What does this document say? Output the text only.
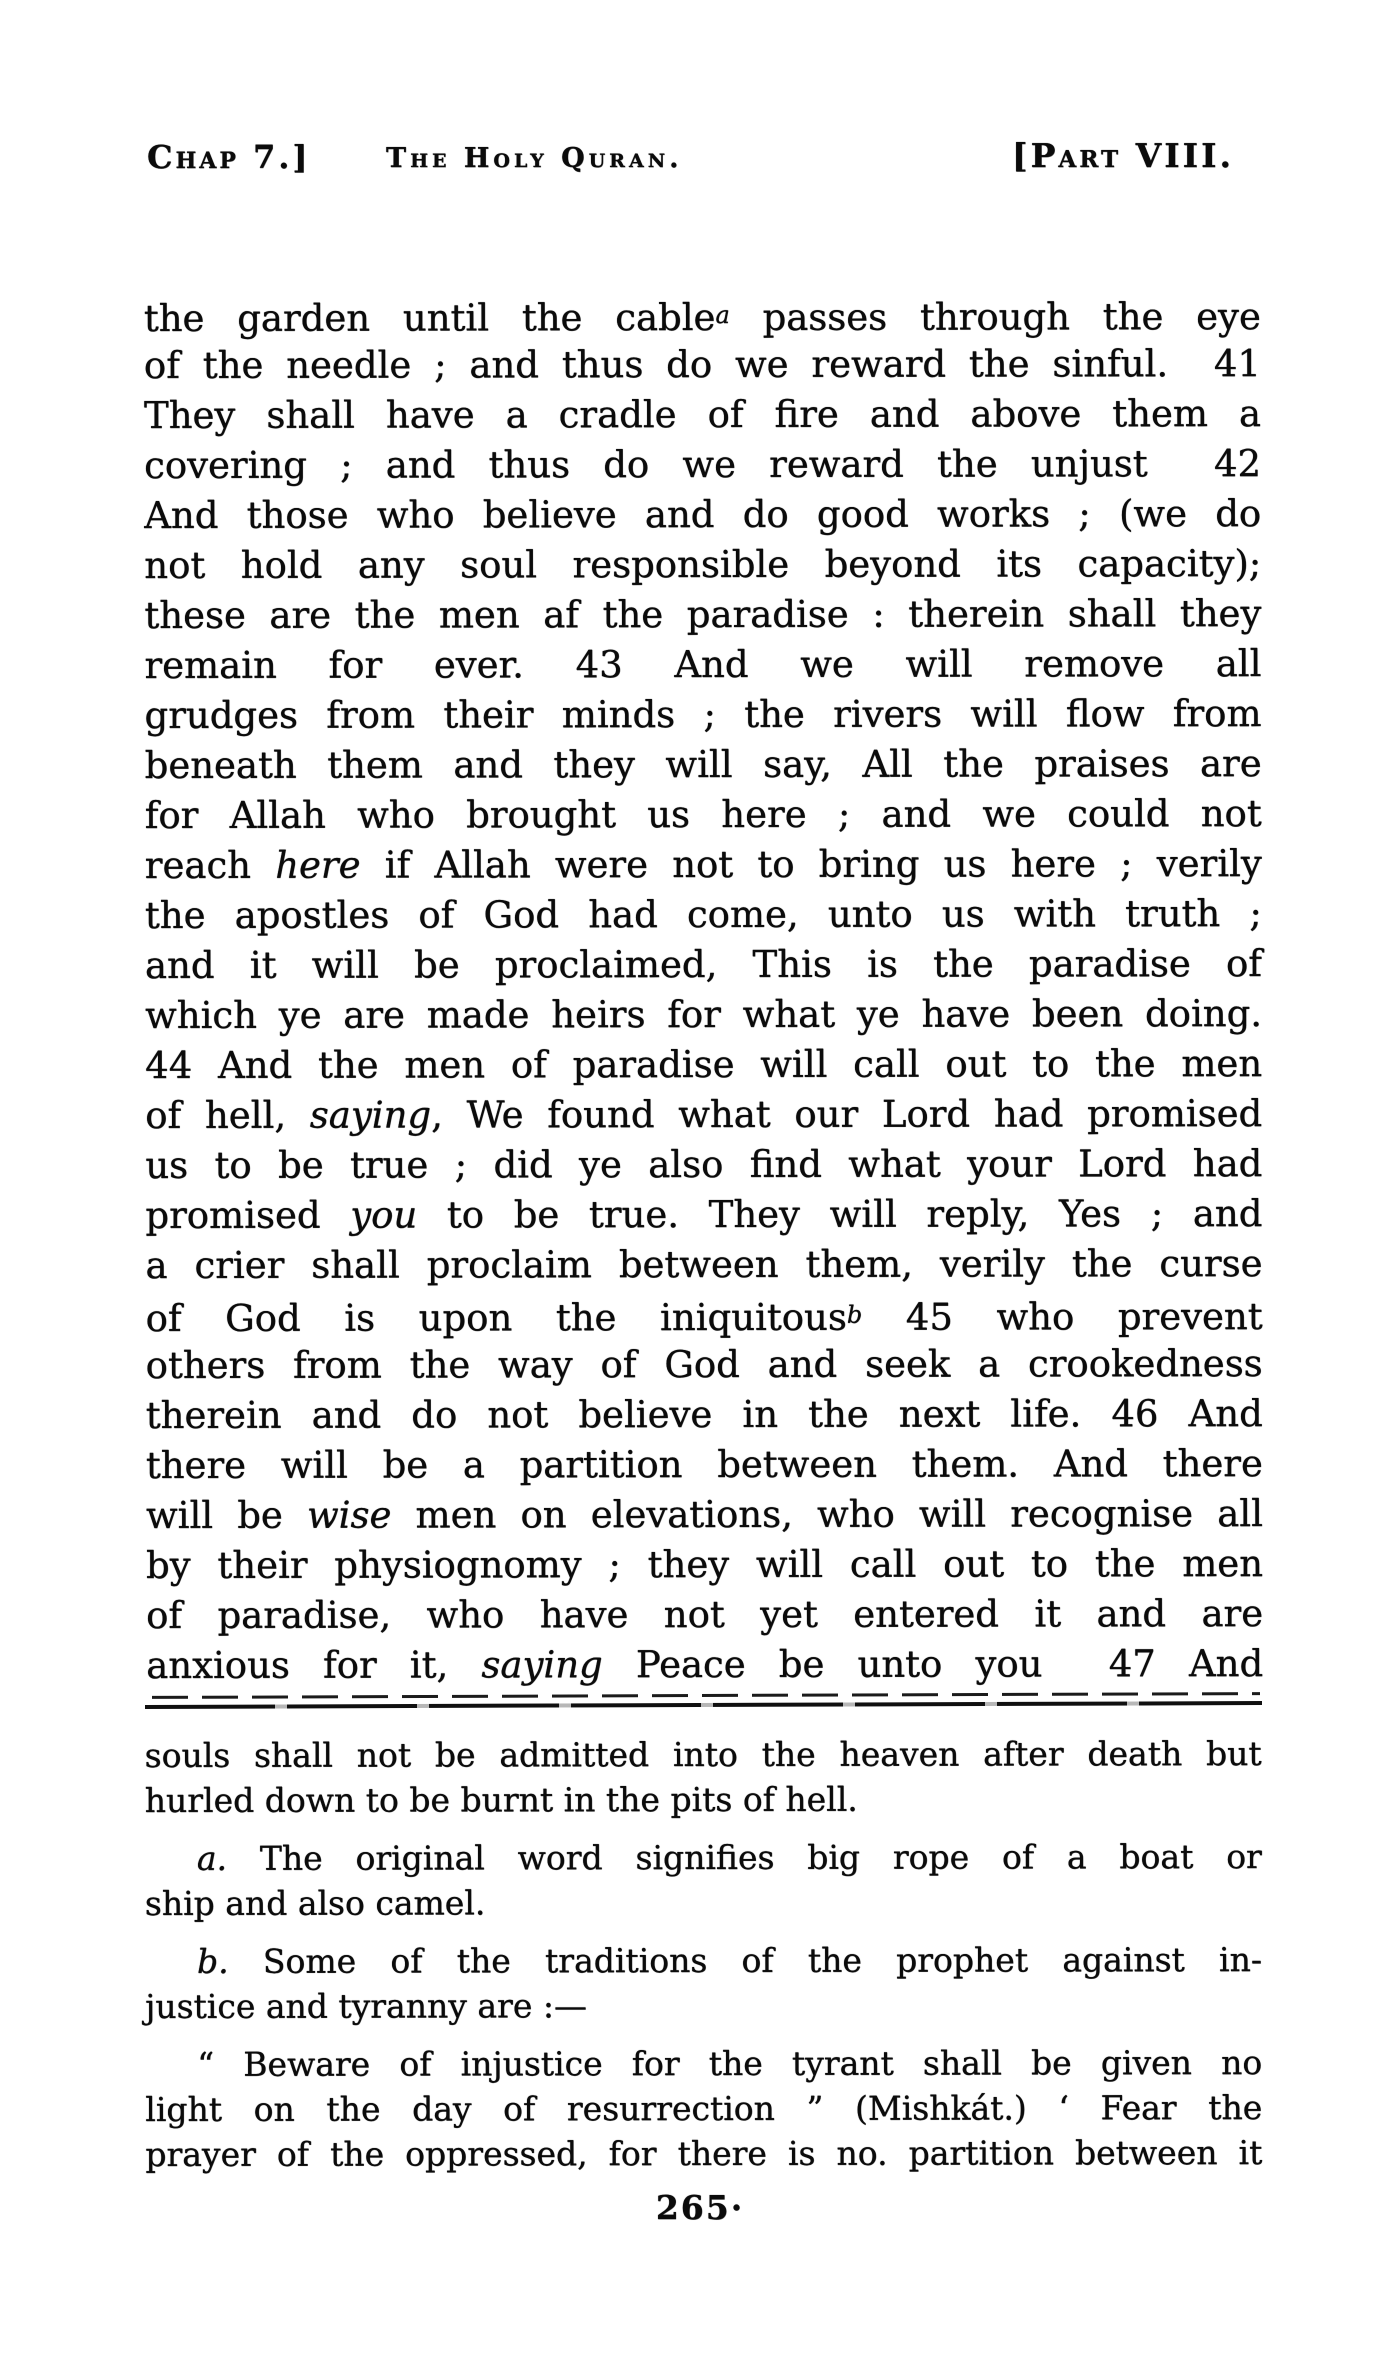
Chap 7.]	The Holy Quran.	[Part VIII.
the garden until the cable$^a$ passes through the eye
of the needle ; and thus do we reward the sinful.  41
They shall have a cradle of fire and above them a
covering ; and thus do we reward the unjust  42
And those who believe and do good works ; (we do
not hold any soul responsible beyond its capacity);
these are the men af the paradise : therein shall they
remain for ever. 43 And we will remove all
grudges from their minds ; the rivers will flow from
beneath them and they will say, All the praises are
for Allah who brought us here ; and we could not
reach here if Allah were not to bring us here ; verily
the apostles of God had come, unto us with truth ;
and it will be proclaimed, This is the paradise of
which ye are made heirs for what ye have been doing.
44 And the men of paradise will call out to the men
of hell, saying, We found what our Lord had promised
us to be true ; did ye also find what your Lord had
promised you to be true. They will reply, Yes ; and
a crier shall proclaim between them, verily the curse
of God is upon the iniquitous$^b$ 45 who prevent
others from the way of God and seek a crookedness
therein and do not believe in the next life. 46 And
there will be a partition between them. And there
will be wise men on elevations, who will recognise all
by their physiognomy ; they will call out to the men
of paradise, who have not yet entered it and are
anxious for it, saying Peace be unto you  47 And
souls shall not be admitted into the heaven after death but
hurled down to be burnt in the pits of hell.
a. The original word signifies big rope of a boat or
ship and also camel.
b. Some of the traditions of the prophet against in-
justice and tyranny are :—
“ Beware of injustice for the tyrant shall be given no
light on the day of resurrection ” (Mishkát.) ‘ Fear the
prayer of the oppressed, for there is no. partition between it
265·
